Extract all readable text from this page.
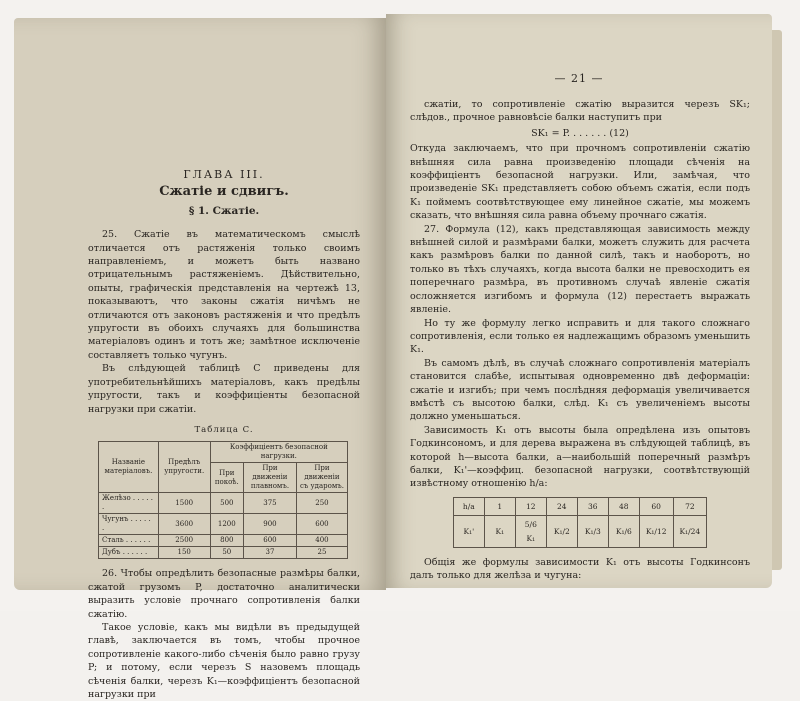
ГЛАВА III.
Сжатіе и сдвигъ.
§ 1. Сжатіе.

25. Сжатіе въ математическомъ смыслѣ отличается отъ растяженія только своимъ направленіемъ, и можетъ быть названо отрицательнымъ растяженіемъ. Дѣйствительно, опыты, графическія представленія на чертежѣ 13, показываютъ, что законы сжатія ничѣмъ не отличаются отъ законовъ растяженія и что предѣлъ упругости въ обоихъ случаяхъ для большинства матеріаловъ одинъ и тотъ же; замѣтное исключеніе составляетъ только чугунъ.

Въ слѣдующей таблицѣ C приведены для употребительнѣйшихъ матеріаловъ, какъ предѣлы упругости, такъ и коэффиціенты безопасной нагрузки при сжатіи.

Таблица C.
Названіе матеріаловъ.	Предѣлъ упругости.	Коэффиціентъ безопасной нагрузки.		
		При покоѣ.	При движеніи плавномъ.	При движеніи съ ударомъ.
Желѣзо . . . . . .	1500	500	375	250
Чугунъ . . . . . .	3600	1200	900	600
Сталь . . . . . .	2500	800	600	400
Дубъ . . . . . .	150	50	37	25

26. Чтобы опредѣлить безопасные размѣры балки, сжатой грузомъ P, достаточно аналитически выразить условіе прочнаго сопротивленія балки сжатію.

Такое условіе, какъ мы видѣли въ предыдущей главѣ, заключается въ томъ, чтобы прочное сопротивленіе какого-либо сѣченія было равно грузу P; и потому, если черезъ S назовемъ площадь сѣченія балки, черезъ K₁—коэффиціентъ безопасной нагрузки при

— 21 —

сжатіи, то сопротивленіе сжатію выразится черезъ SK₁; слѣдов., прочное равновѣсіе балки наступитъ при

SK₁ = P. . . . . . . (12)

Откуда заключаемъ, что при прочномъ сопротивленіи сжатію внѣшняя сила равна произведенію площади сѣченія на коэффиціентъ безопасной нагрузки. Или, замѣчая, что произведеніе SK₁ представляетъ собою объемъ сжатія, если подъ K₁ поймемъ соотвѣтствующее ему линейное сжатіе, мы можемъ сказать, что внѣшняя сила равна объему прочнаго сжатія.

27. Формула (12), какъ представляющая зависимость между внѣшней силой и размѣрами балки, можетъ служить для расчета какъ размѣровъ балки по данной силѣ, такъ и наоборотъ, но только въ тѣхъ случаяхъ, когда высота балки не превосходитъ ея поперечнаго размѣра, въ противномъ случаѣ явленіе сжатія осложняется изгибомъ и формула (12) перестаетъ выражать явленіе.

Но ту же формулу легко исправить и для такого сложнаго сопротивленія, если только ея надлежащимъ образомъ уменьшить K₁.

Въ самомъ дѣлѣ, въ случаѣ сложнаго сопротивленія матеріалъ становится слабѣе, испытывая одновременно двѣ деформаціи: сжатіе и изгибъ; при чемъ послѣдняя деформація увеличивается вмѣстѣ съ высотою балки, слѣд. K₁ съ увеличеніемъ высоты должно уменьшаться.

Зависимость K₁ отъ высоты была опредѣлена изъ опытовъ Годкинсономъ, и для дерева выражена въ слѣдующей таблицѣ, въ которой h—высота балки, a—наибольшій поперечный размѣръ балки, K₁'—коэффиц. безопасной нагрузки, соотвѣтствующій извѣстному отношенію h/a:

h/a	1	12	24	36	48	60	72
K₁'	K₁	5/6 K₁	K₁/2	K₁/3	K₁/6	K₁/12	K₁/24

Общія же формулы зависимости K₁ отъ высоты Годкинсонъ далъ только для желѣза и чугуна:
